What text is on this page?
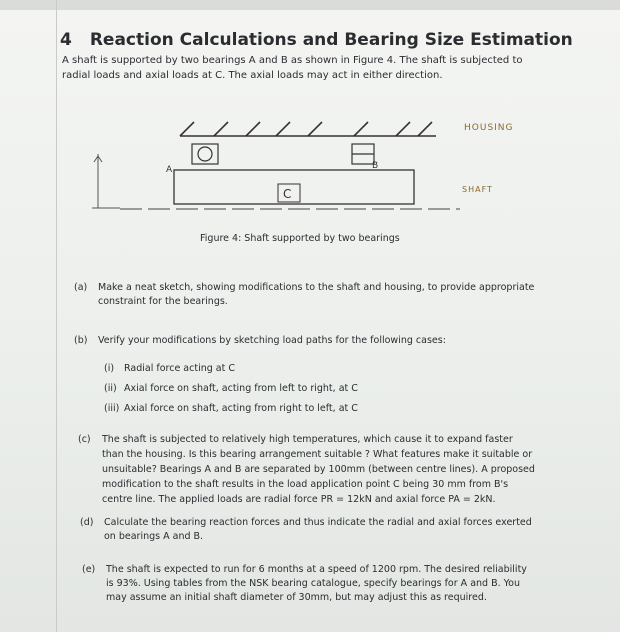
4 Reaction Calculations and Bearing Size Estimation
A shaft is supported by two bearings A and B as shown in Figure 4. The shaft is subjected to radial loads and axial loads at C. The axial loads may act in either direction.
HOUSING
A	B
C	SHAFT
Figure 4: Shaft supported by two bearings
(a) Make a neat sketch, showing modifications to the shaft and housing, to provide appropriate
constraint for the bearings.
(b) Verify your modifications by sketching load paths for the following cases:
(i) Radial force acting at C
(ii) Axial force on shaft, acting from left to right, at C
(iii) Axial force on shaft, acting from right to left, at C
(c) The shaft is subjected to relatively high temperatures, which cause it to expand faster
than the housing. Is this bearing arrangement suitable ? What features make it suitable or
unsuitable? Bearings A and B are separated by 100mm (between centre lines). A proposed
modification to the shaft results in the load application point C being 30 mm from B's
centre line. The applied loads are radial force PR = 12kN and axial force PA = 2kN.
(d) Calculate the bearing reaction forces and thus indicate the radial and axial forces exerted
on bearings A and B.
(e) The shaft is expected to run for 6 months at a speed of 1200 rpm. The desired reliability
is 93%. Using tables from the NSK bearing catalogue, specify bearings for A and B. You
may assume an initial shaft diameter of 30mm, but may adjust this as required.
